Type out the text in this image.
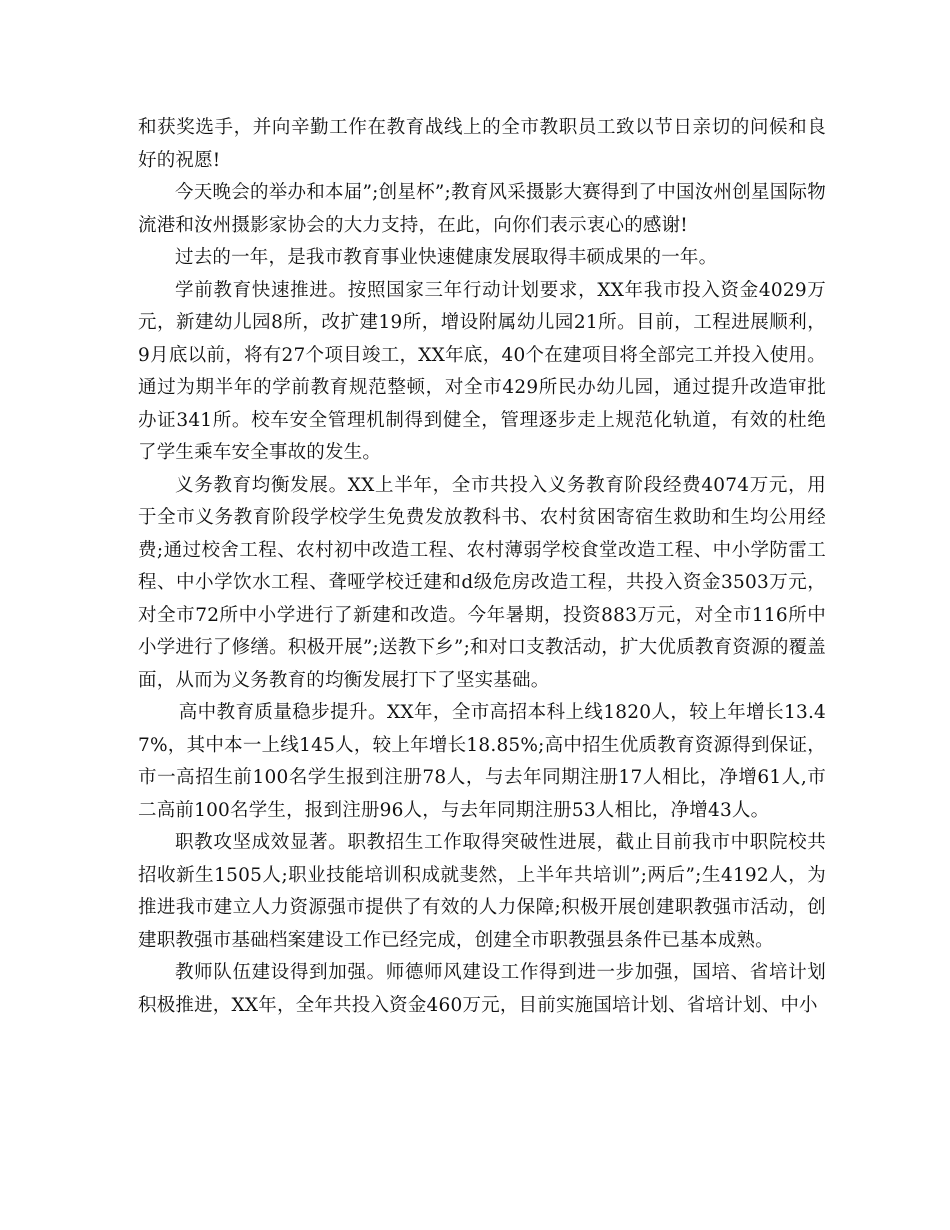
和获奖选手，并向辛勤工作在教育战线上的全市教职员工致以节日亲切的问候和良好的祝愿!

今天晚会的举办和本届”;创星杯”;教育风采摄影大赛得到了中国汝州创星国际物流港和汝州摄影家协会的大力支持，在此，向你们表示衷心的感谢!

过去的一年，是我市教育事业快速健康发展取得丰硕成果的一年。

学前教育快速推进。按照国家三年行动计划要求，XX年我市投入资金4029万元，新建幼儿园8所，改扩建19所，增设附属幼儿园21所。目前，工程进展顺利，9月底以前，将有27个项目竣工，XX年底，40个在建项目将全部完工并投入使用。通过为期半年的学前教育规范整顿，对全市429所民办幼儿园，通过提升改造审批办证341所。校车安全管理机制得到健全，管理逐步走上规范化轨道，有效的杜绝了学生乘车安全事故的发生。

义务教育均衡发展。XX上半年，全市共投入义务教育阶段经费4074万元，用于全市义务教育阶段学校学生免费发放教科书、农村贫困寄宿生救助和生均公用经费;通过校舍工程、农村初中改造工程、农村薄弱学校食堂改造工程、中小学防雷工程、中小学饮水工程、聋哑学校迁建和d级危房改造工程，共投入资金3503万元，对全市72所中小学进行了新建和改造。今年暑期，投资883万元，对全市116所中小学进行了修缮。积极开展”;送教下乡”;和对口支教活动，扩大优质教育资源的覆盖面，从而为义务教育的均衡发展打下了坚实基础。

高中教育质量稳步提升。XX年，全市高招本科上线1820人，较上年增长13.47%，其中本一上线145人，较上年增长18.85%;高中招生优质教育资源得到保证，市一高招生前100名学生报到注册78人，与去年同期注册17人相比，净增61人,市二高前100名学生，报到注册96人，与去年同期注册53人相比，净增43人。

职教攻坚成效显著。职教招生工作取得突破性进展，截止目前我市中职院校共招收新生1505人;职业技能培训积成就斐然，上半年共培训”;两后”;生4192人，为推进我市建立人力资源强市提供了有效的人力保障;积极开展创建职教强市活动，创建职教强市基础档案建设工作已经完成，创建全市职教强县条件已基本成熟。

教师队伍建设得到加强。师德师风建设工作得到进一步加强，国培、省培计划积极推进，XX年，全年共投入资金460万元，目前实施国培计划、省培计划、中小
